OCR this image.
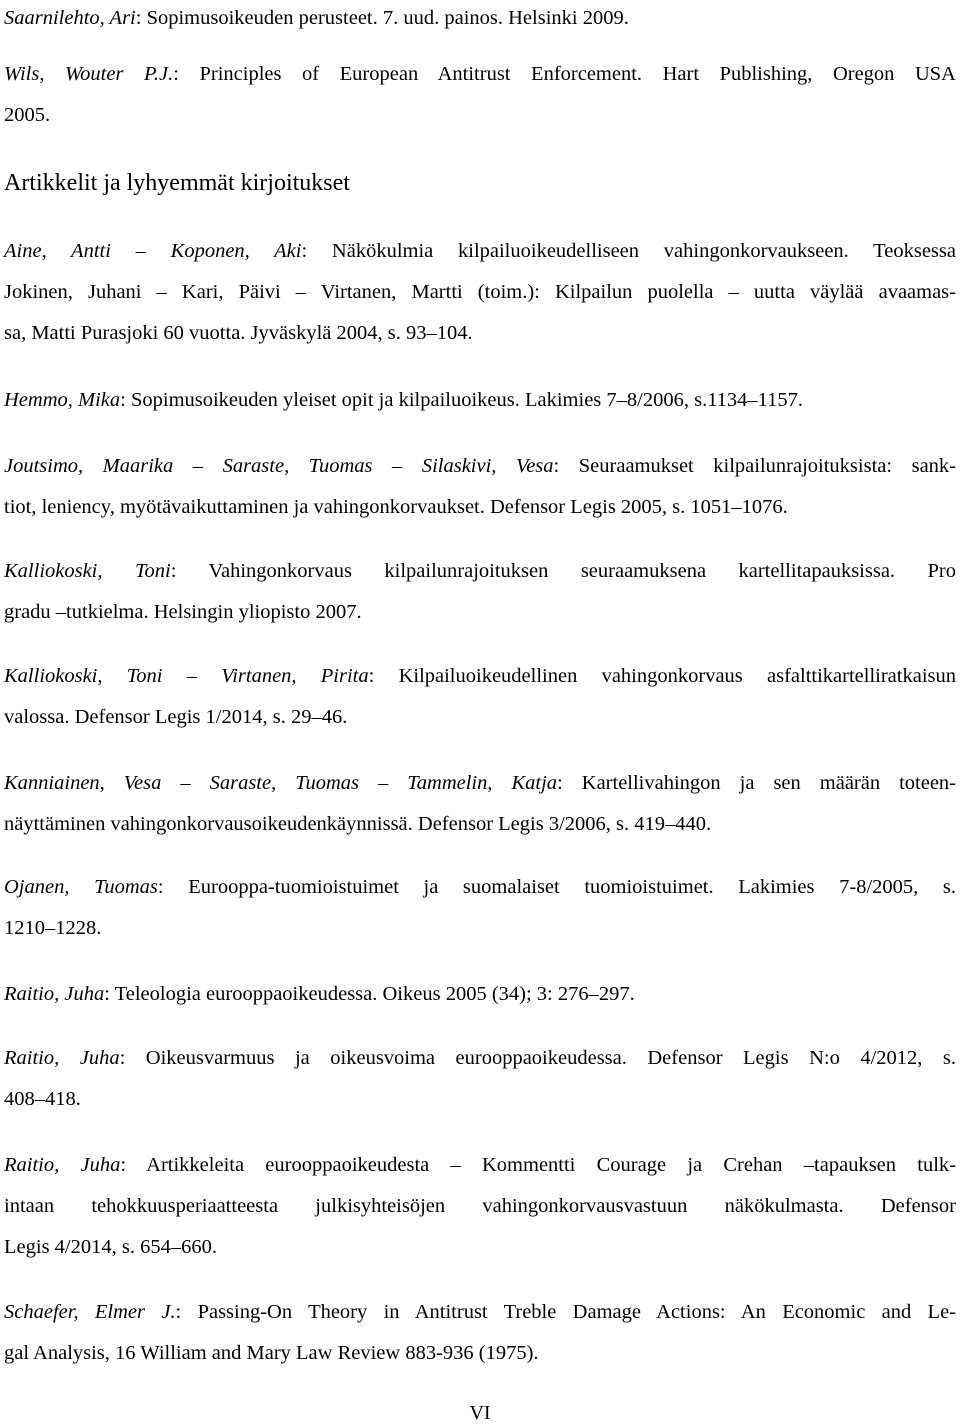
Saarnilehto, Ari: Sopimusoikeuden perusteet. 7. uud. painos. Helsinki 2009.

Wils, Wouter P.J.: Principles of European Antitrust Enforcement. Hart Publishing, Oregon USA
2005.

Artikkelit ja lyhyemmät kirjoitukset

Aine, Antti – Koponen, Aki: Näkökulmia kilpailuoikeudelliseen vahingonkorvaukseen. Teoksessa
Jokinen, Juhani – Kari, Päivi – Virtanen, Martti (toim.): Kilpailun puolella – uutta väylää avaamas-
sa, Matti Purasjoki 60 vuotta. Jyväskylä 2004, s. 93–104.

Hemmo, Mika: Sopimusoikeuden yleiset opit ja kilpailuoikeus. Lakimies 7–8/2006, s.1134–1157.

Joutsimo, Maarika – Saraste, Tuomas – Silaskivi, Vesa: Seuraamukset kilpailunrajoituksista: sank-
tiot, leniency, myötävaikuttaminen ja vahingonkorvaukset. Defensor Legis 2005, s. 1051–1076.

Kalliokoski, Toni: Vahingonkorvaus kilpailunrajoituksen seuraamuksena kartellitapauksissa. Pro
gradu –tutkielma. Helsingin yliopisto 2007.

Kalliokoski, Toni – Virtanen, Pirita: Kilpailuoikeudellinen vahingonkorvaus asfalttikartelliratkaisun
valossa. Defensor Legis 1/2014, s. 29–46.

Kanniainen, Vesa – Saraste, Tuomas – Tammelin, Katja: Kartellivahingon ja sen määrän toteen-
näyttäminen vahingonkorvausoikeudenkäynnissä. Defensor Legis 3/2006, s. 419–440.

Ojanen, Tuomas: Eurooppa-tuomioistuimet ja suomalaiset tuomioistuimet. Lakimies 7-8/2005, s.
1210–1228.

Raitio, Juha: Teleologia eurooppaoikeudessa. Oikeus 2005 (34); 3: 276–297.

Raitio, Juha: Oikeusvarmuus ja oikeusvoima eurooppaoikeudessa. Defensor Legis N:o 4/2012, s.
408–418.

Raitio, Juha: Artikkeleita eurooppaoikeudesta – Kommentti Courage ja Crehan –tapauksen tulk-
intaan tehokkuusperiaatteesta julkisyhteisöjen vahingonkorvausvastuun näkökulmasta. Defensor
Legis 4/2014, s. 654–660.

Schaefer, Elmer J.: Passing-On Theory in Antitrust Treble Damage Actions: An Economic and Le-
gal Analysis, 16 William and Mary Law Review 883-936 (1975).

VI
